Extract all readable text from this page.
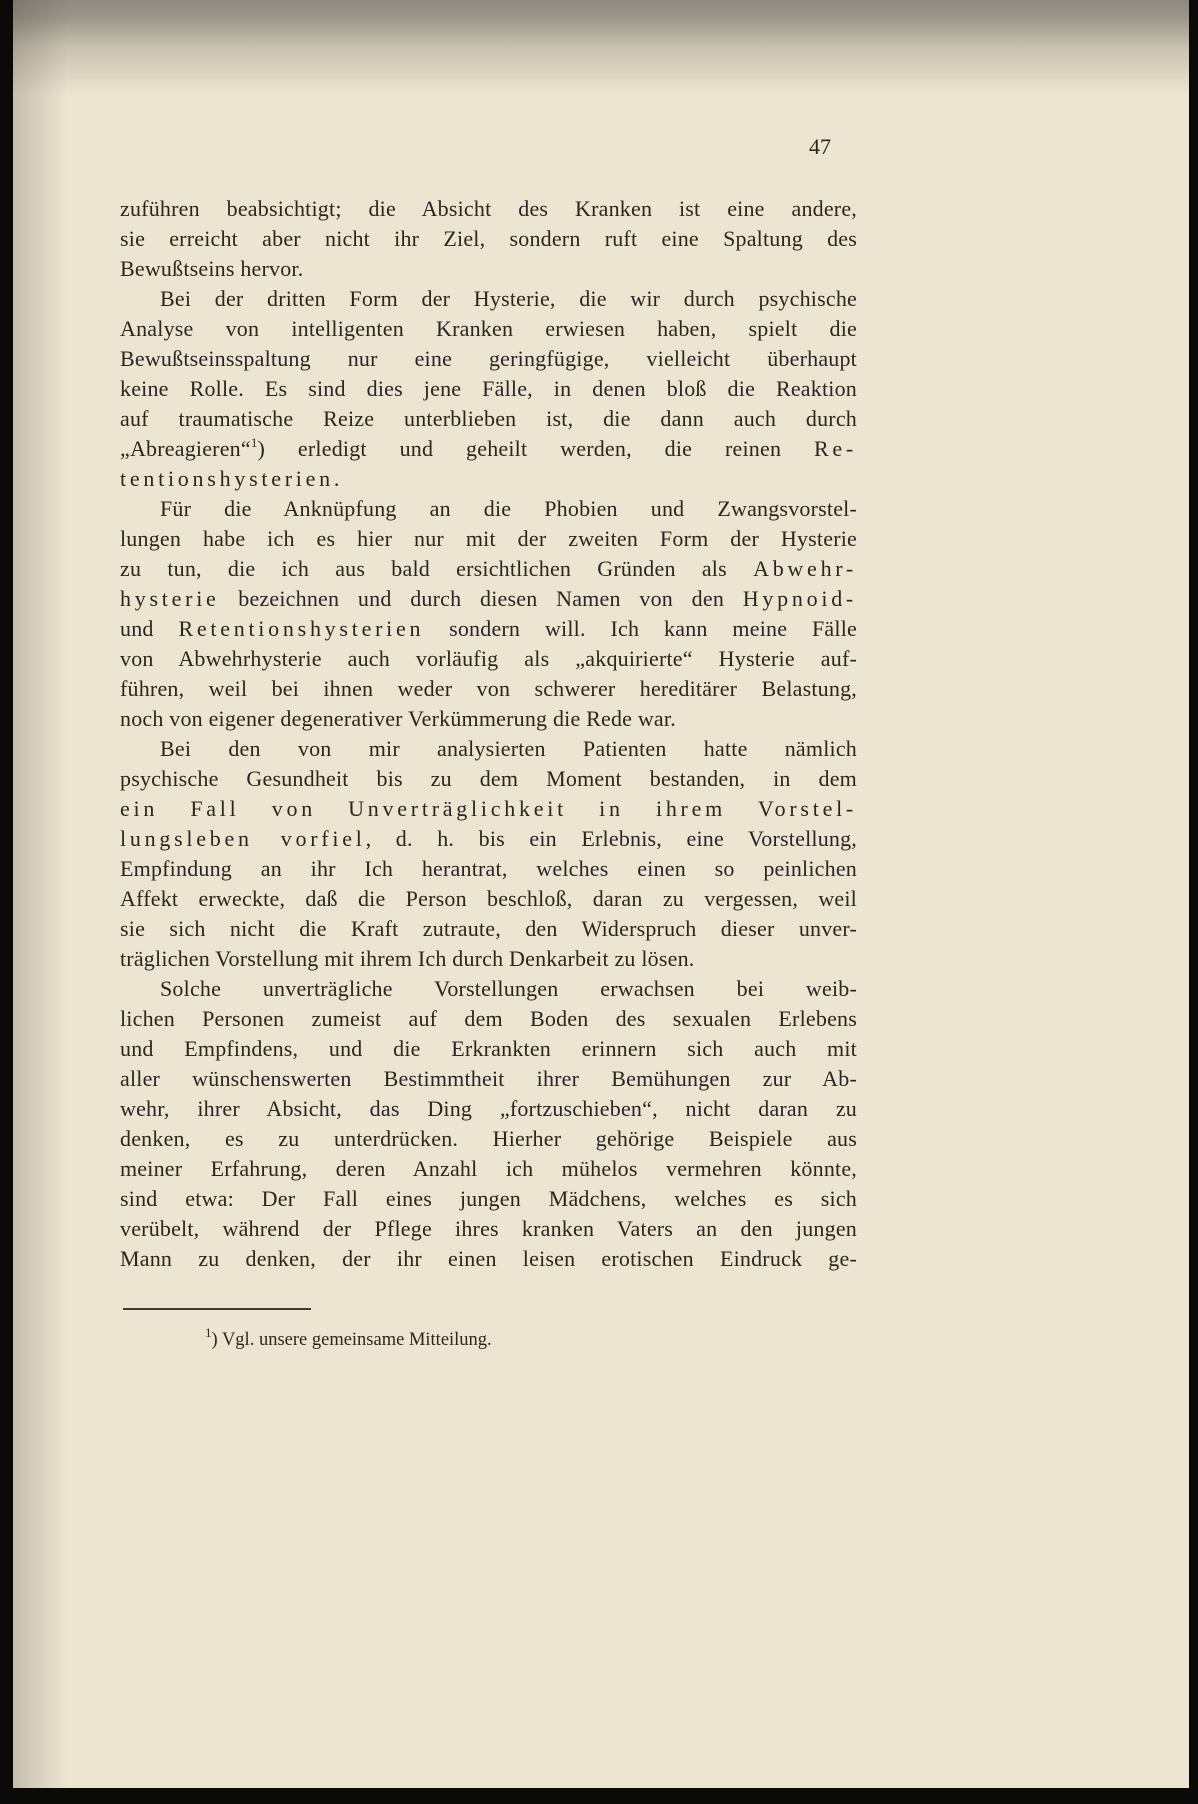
47
zuführen beabsichtigt; die Absicht des Kranken ist eine andere,
sie erreicht aber nicht ihr Ziel, sondern ruft eine Spaltung des
Bewußtseins hervor.
Bei der dritten Form der Hysterie, die wir durch psychische
Analyse von intelligenten Kranken erwiesen haben, spielt die
Bewußtseinsspaltung nur eine geringfügige, vielleicht überhaupt
keine Rolle. Es sind dies jene Fälle, in denen bloß die Reaktion
auf traumatische Reize unterblieben ist, die dann auch durch
„Abreagieren“$^1$) erledigt und geheilt werden, die reinen Re-
tentionshysterien.
Für die Anknüpfung an die Phobien und Zwangsvorstel-
lungen habe ich es hier nur mit der zweiten Form der Hysterie
zu tun, die ich aus bald ersichtlichen Gründen als Abwehr-
hysterie bezeichnen und durch diesen Namen von den Hypnoid-
und Retentionshysterien sondern will. Ich kann meine Fälle
von Abwehrhysterie auch vorläufig als „akquirierte“ Hysterie auf-
führen, weil bei ihnen weder von schwerer hereditärer Belastung,
noch von eigener degenerativer Verkümmerung die Rede war.
Bei den von mir analysierten Patienten hatte nämlich
psychische Gesundheit bis zu dem Moment bestanden, in dem
ein Fall von Unverträglichkeit in ihrem Vorstel-
lungsleben vorfiel, d. h. bis ein Erlebnis, eine Vorstellung,
Empfindung an ihr Ich herantrat, welches einen so peinlichen
Affekt erweckte, daß die Person beschloß, daran zu vergessen, weil
sie sich nicht die Kraft zutraute, den Widerspruch dieser unver-
träglichen Vorstellung mit ihrem Ich durch Denkarbeit zu lösen.
Solche unverträgliche Vorstellungen erwachsen bei weib-
lichen Personen zumeist auf dem Boden des sexualen Erlebens
und Empfindens, und die Erkrankten erinnern sich auch mit
aller wünschenswerten Bestimmtheit ihrer Bemühungen zur Ab-
wehr, ihrer Absicht, das Ding „fortzuschieben“, nicht daran zu
denken, es zu unterdrücken. Hierher gehörige Beispiele aus
meiner Erfahrung, deren Anzahl ich mühelos vermehren könnte,
sind etwa: Der Fall eines jungen Mädchens, welches es sich
verübelt, während der Pflege ihres kranken Vaters an den jungen
Mann zu denken, der ihr einen leisen erotischen Eindruck ge-
$^1$) Vgl. unsere gemeinsame Mitteilung.
